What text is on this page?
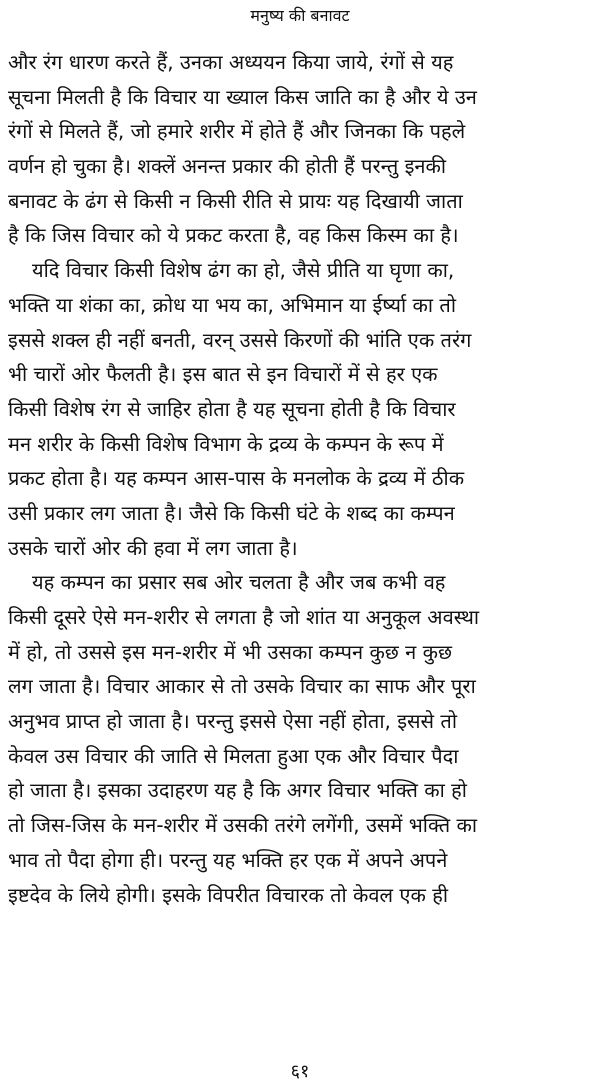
मनुष्य की बनावट
और रंग धारण करते हैं, उनका अध्ययन किया जाये, रंगों से यह
सूचना मिलती है कि विचार या ख्याल किस जाति का है और ये उन
रंगों से मिलते हैं, जो हमारे शरीर में होते हैं और जिनका कि पहले
वर्णन हो चुका है। शक्लें अनन्त प्रकार की होती हैं परन्तु इनकी
बनावट के ढंग से किसी न किसी रीति से प्रायः यह दिखायी जाता
है कि जिस विचार को ये प्रकट करता है, वह किस किस्म का है।
यदि विचार किसी विशेष ढंग का हो, जैसे प्रीति या घृणा का,
भक्ति या शंका का, क्रोध या भय का, अभिमान या ईर्ष्या का तो
इससे शक्ल ही नहीं बनती, वरन् उससे किरणों की भांति एक तरंग
भी चारों ओर फैलती है। इस बात से इन विचारों में से हर एक
किसी विशेष रंग से जाहिर होता है यह सूचना होती है कि विचार
मन शरीर के किसी विशेष विभाग के द्रव्य के कम्पन के रूप में
प्रकट होता है। यह कम्पन आस-पास के मनलोक के द्रव्य में ठीक
उसी प्रकार लग जाता है। जैसे कि किसी घंटे के शब्द का कम्पन
उसके चारों ओर की हवा में लग जाता है।
यह कम्पन का प्रसार सब ओर चलता है और जब कभी वह
किसी दूसरे ऐसे मन-शरीर से लगता है जो शांत या अनुकूल अवस्था
में हो, तो उससे इस मन-शरीर में भी उसका कम्पन कुछ न कुछ
लग जाता है। विचार आकार से तो उसके विचार का साफ और पूरा
अनुभव प्राप्त हो जाता है। परन्तु इससे ऐसा नहीं होता, इससे तो
केवल उस विचार की जाति से मिलता हुआ एक और विचार पैदा
हो जाता है। इसका उदाहरण यह है कि अगर विचार भक्ति का हो
तो जिस-जिस के मन-शरीर में उसकी तरंगे लगेंगी, उसमें भक्ति का
भाव तो पैदा होगा ही। परन्तु यह भक्ति हर एक में अपने अपने
इष्टदेव के लिये होगी। इसके विपरीत विचारक तो केवल एक ही
६१
